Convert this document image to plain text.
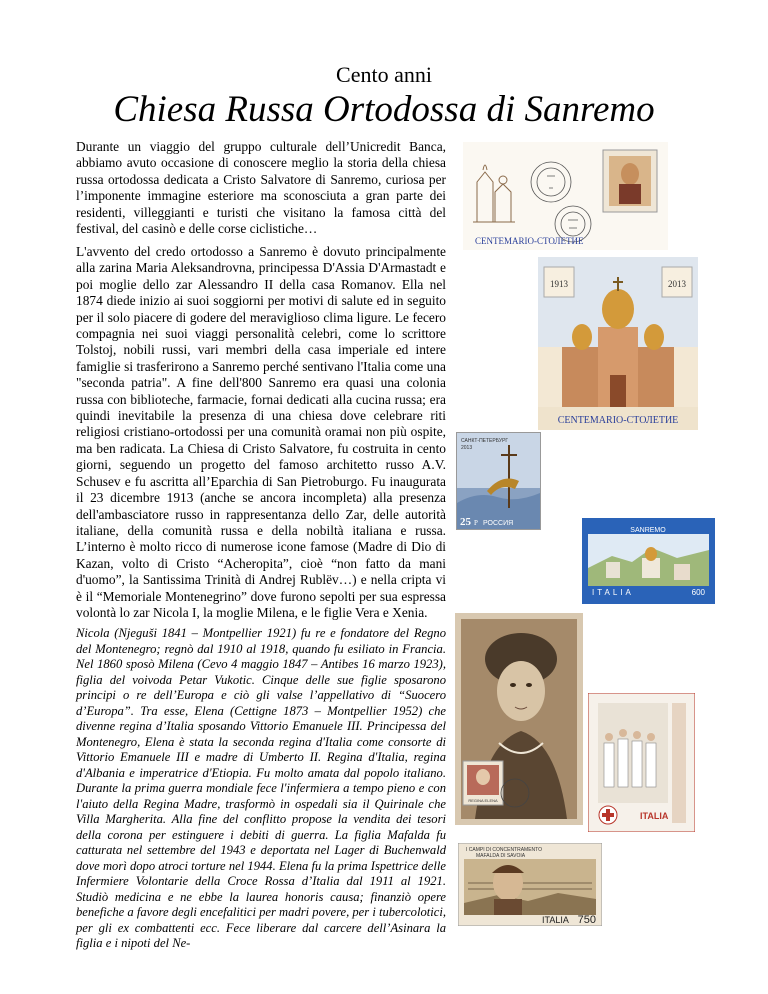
Cento anni
Chiesa Russa Ortodossa di Sanremo

Durante un viaggio del gruppo culturale dell’Unicredit Banca, abbiamo avuto occasione di conoscere meglio la storia della chiesa russa ortodossa dedicata a Cristo Salvatore di Sanremo, curiosa per l’imponente immagine esteriore ma sconosciuta a gran parte dei residenti, villeggianti e turisti che visitano la famosa città del festival, del casinò e delle corse ciclistiche…

L'avvento del credo ortodosso a Sanremo è dovuto principalmente alla zarina Maria Aleksandrovna, principessa D'Assia D'Armastadt e poi moglie dello zar Alessandro II della casa Romanov. Ella nel 1874 diede inizio ai suoi soggiorni per motivi di salute ed in seguito per il solo piacere di godere del meraviglioso clima ligure. Le fecero compagnia nei suoi viaggi personalità celebri, come lo scrittore Tolstoj, nobili russi, vari membri della casa imperiale ed intere famiglie si trasferirono a Sanremo perché sentivano l'Italia come una "seconda patria". A fine dell'800 Sanremo era quasi una colonia russa con biblioteche, farmacie, fornai dedicati alla cucina russa; era quindi inevitabile la presenza di una chiesa dove celebrare riti religiosi cristiano-ortodossi per una comunità oramai non più ospite, ma ben radicata. La Chiesa di Cristo Salvatore, fu costruita in cento giorni, seguendo un progetto del famoso architetto russo A.V. Schusev e fu ascritta all’Eparchia di San Pietroburgo. Fu inaugurata il 23 dicembre 1913 (anche se ancora incompleta) alla presenza dell'ambasciatore russo in rappresentanza dello Zar, delle autorità italiane, della comunità russa e della nobiltà italiana e russa. L’interno è molto ricco di numerose icone famose (Madre di Dio di Kazan, volto di Cristo “Acheropita”, cioè “non fatto da mani d'uomo”, la Santissima Trinità di Andrej Rublëv…) e nella cripta vi è il “Memoriale Montenegrino” dove furono sepolti per sua espressa volontà lo zar Nicola I, la moglie Milena, e le figlie Vera e Xenia.

Nicola (Njeguši 1841 – Montpellier 1921) fu re e fondatore del Regno del Montenegro; regnò dal 1910 al 1918, quando fu esiliato in Francia. Nel 1860 sposò Milena (Cevo 4 maggio 1847 – Antibes 16 marzo 1923), figlia del voivoda Petar Vukotic. Cinque delle sue figlie sposarono principi o re dell’Europa e ciò gli valse l’appellativo di “Suocero d’Europa”. Tra esse, Elena (Cettigne 1873 – Montpellier 1952) che divenne regina d’Italia sposando Vittorio Emanuele III. Principessa del Montenegro, Elena è stata la seconda regina d'Italia come consorte di Vittorio Emanuele III e madre di Umberto II. Regina d'Italia, regina d'Albania e imperatrice d'Etiopia. Fu molto amata dal popolo italiano. Durante la prima guerra mondiale fece l'infermiera a tempo pieno e con l'aiuto della Regina Madre, trasformò in ospedali sia il Quirinale che Villa Margherita. Alla fine del conflitto propose la vendita dei tesori della corona per estinguere i debiti di guerra. La figlia Mafalda fu catturata nel settembre del 1943 e deportata nel Lager di Buchenwald dove morì dopo atroci torture nel 1944. Elena fu la prima Ispettrice delle Infermiere Volontarie della Croce Rossa d’Italia dal 1911 al 1921. Studiò medicina e ne ebbe la laurea honoris causa; finanziò opere benefiche a favore degli encefalitici per madri povere, per i tubercolotici, per gli ex combattenti ecc. Fece liberare dal carcere dell’Asinara la figlia e i nipoti del Ne-

CENTEMARIO-СТОЛЕТИЕ
1913	2013
CENTEMARIO-СТОЛЕТИЕ
САНКТ-ПЕТЕРБУРГ
2013
25 Р РОССИЯ
SANREMO
ITALIA	600
REGINA ELENA
ITALIA
I CAMPI DI CONCENTRAMENTO
MAFALDA DI SAVOIA
ITALIA 750
